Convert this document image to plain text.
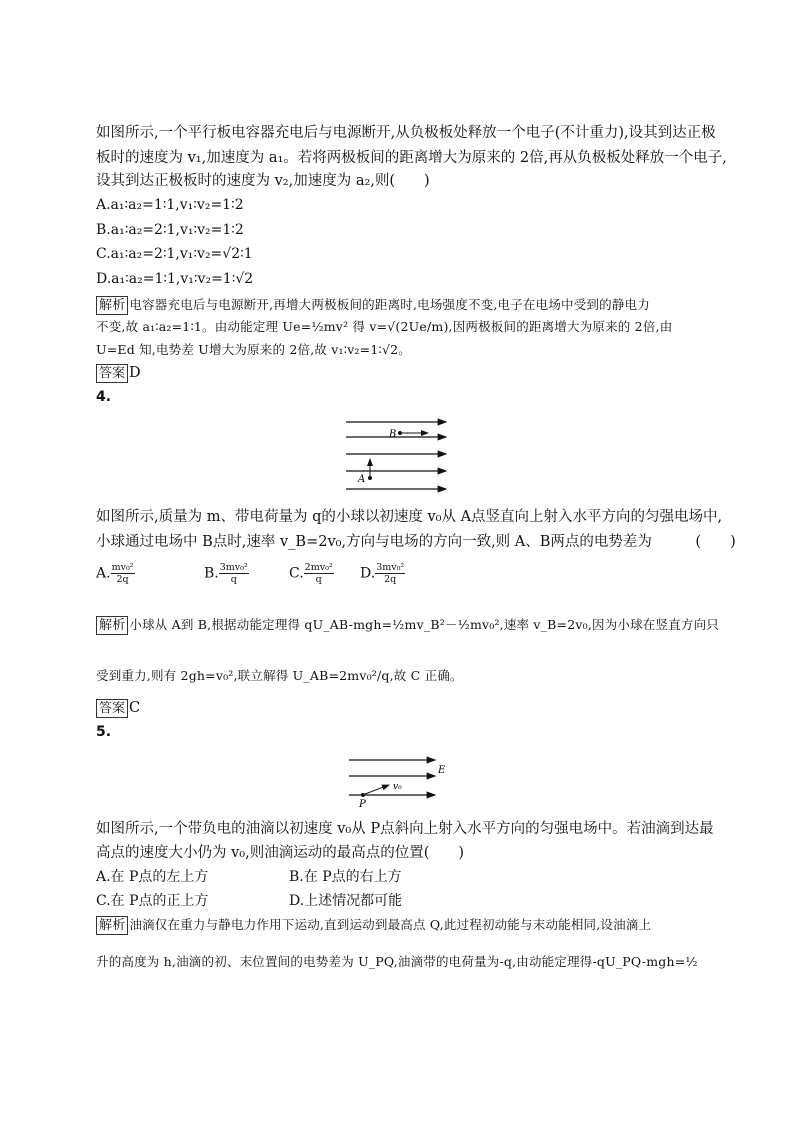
如图所示,一个平行板电容器充电后与电源断开,从负极板处释放一个电子(不计重力),设其到达正极
板时的速度为 v₁,加速度为 a₁。若将两极板间的距离增大为原来的 2倍,再从负极板处释放一个电子,
设其到达正极板时的速度为 v₂,加速度为 a₂,则(　　)
A.a₁∶a₂=1∶1,v₁∶v₂=1∶2
B.a₁∶a₂=2∶1,v₁∶v₂=1∶2
C.a₁∶a₂=2∶1,v₁∶v₂=√2∶1
D.a₁∶a₂=1∶1,v₁∶v₂=1∶√2
解析 电容器充电后与电源断开,再增大两极板间的距离时,电场强度不变,电子在电场中受到的静电力
不变,故 a₁∶a₂=1∶1。由动能定理 Ue=½mv² 得 v=√(2Ue/m),因两极板间的距离增大为原来的 2倍,由
U=Ed 知,电势差 U增大为原来的 2倍,故 v₁∶v₂=1∶√2。
答案 D
4.
B
A
如图所示,质量为 m、带电荷量为 q的小球以初速度 v₀从 A点竖直向上射入水平方向的匀强电场中,
小球通过电场中 B点时,速率 v_B=2v₀,方向与电场的方向一致,则 A、B两点的电势差为　　　(　　)
A. $\frac{\text{mv₀²}}{2q}$	B. $\frac{\text{3mv₀²}}{q}$	C. $\frac{\text{2mv₀²}}{q} D$. $\frac{\text{3mv₀²}}{2q}$
解析 小球从 A到 B,根据动能定理得 qU_AB-mgh=½mv_B²－½mv₀²,速率 v_B=2v₀,因为小球在竖直方向只
受到重力,则有 2gh=v₀²,联立解得 U_AB=2mv₀²/q,故 C 正确。
答案 C
5.
E
v₀
P
如图所示,一个带负电的油滴以初速度 v₀从 P点斜向上射入水平方向的匀强电场中。若油滴到达最
高点的速度大小仍为 v₀,则油滴运动的最高点的位置(　　)
A.在 P点的左上方	B.在 P点的右上方
C.在 P点的正上方	D.上述情况都可能
解析 油滴仅在重力与静电力作用下运动,直到运动到最高点 Q,此过程初动能与末动能相同,设油滴上
升的高度为 h,油滴的初、末位置间的电势差为 U_PQ,油滴带的电荷量为-q,由动能定理得-qU_PQ-mgh=½
